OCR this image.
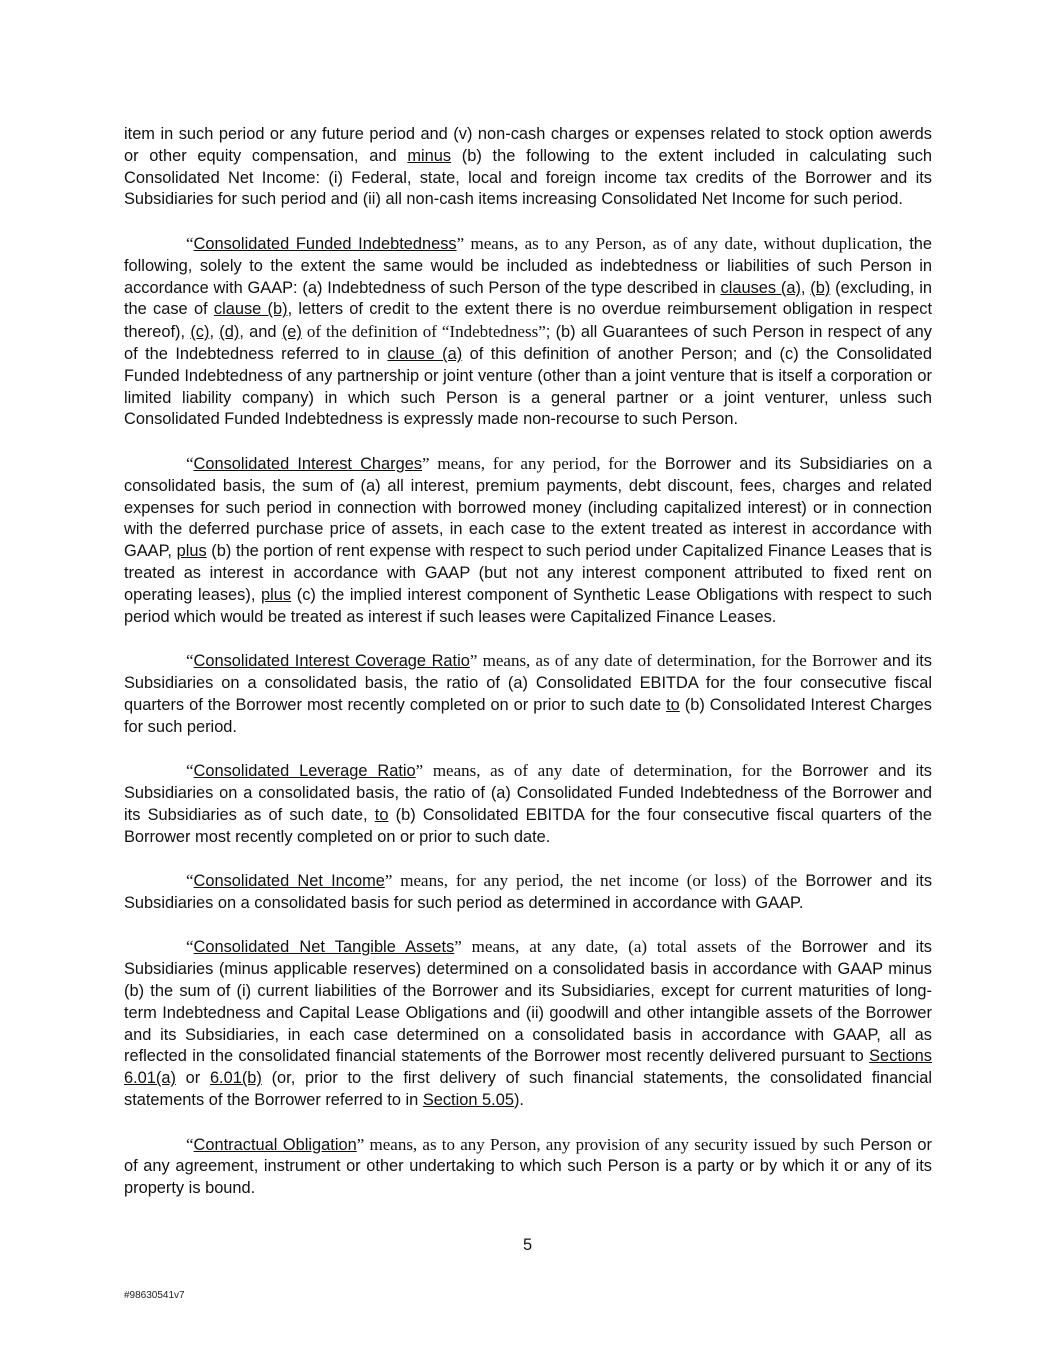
item in such period or any future period and (v) non-cash charges or expenses related to stock option awerds or other equity compensation, and minus (b) the following to the extent included in calculating such Consolidated Net Income: (i) Federal, state, local and foreign income tax credits of the Borrower and its Subsidiaries for such period and (ii) all non-cash items increasing Consolidated Net Income for such period.

“Consolidated Funded Indebtedness” means, as to any Person, as of any date, without duplication, the following, solely to the extent the same would be included as indebtedness or liabilities of such Person in accordance with GAAP: (a) Indebtedness of such Person of the type described in clauses (a), (b) (excluding, in the case of clause (b), letters of credit to the extent there is no overdue reimbursement obligation in respect thereof), (c), (d), and (e) of the definition of “Indebtedness”; (b) all Guarantees of such Person in respect of any of the Indebtedness referred to in clause (a) of this definition of another Person; and (c) the Consolidated Funded Indebtedness of any partnership or joint venture (other than a joint venture that is itself a corporation or limited liability company) in which such Person is a general partner or a joint venturer, unless such Consolidated Funded Indebtedness is expressly made non-recourse to such Person.

“Consolidated Interest Charges” means, for any period, for the Borrower and its Subsidiaries on a consolidated basis, the sum of (a) all interest, premium payments, debt discount, fees, charges and related expenses for such period in connection with borrowed money (including capitalized interest) or in connection with the deferred purchase price of assets, in each case to the extent treated as interest in accordance with GAAP, plus (b) the portion of rent expense with respect to such period under Capitalized Finance Leases that is treated as interest in accordance with GAAP (but not any interest component attributed to fixed rent on operating leases), plus (c) the implied interest component of Synthetic Lease Obligations with respect to such period which would be treated as interest if such leases were Capitalized Finance Leases.

“Consolidated Interest Coverage Ratio” means, as of any date of determination, for the Borrower and its Subsidiaries on a consolidated basis, the ratio of (a) Consolidated EBITDA for the four consecutive fiscal quarters of the Borrower most recently completed on or prior to such date to (b) Consolidated Interest Charges for such period.

“Consolidated Leverage Ratio” means, as of any date of determination, for the Borrower and its Subsidiaries on a consolidated basis, the ratio of (a) Consolidated Funded Indebtedness of the Borrower and its Subsidiaries as of such date, to (b) Consolidated EBITDA for the four consecutive fiscal quarters of the Borrower most recently completed on or prior to such date.

“Consolidated Net Income” means, for any period, the net income (or loss) of the Borrower and its Subsidiaries on a consolidated basis for such period as determined in accordance with GAAP.

“Consolidated Net Tangible Assets” means, at any date, (a) total assets of the Borrower and its Subsidiaries (minus applicable reserves) determined on a consolidated basis in accordance with GAAP minus (b) the sum of (i) current liabilities of the Borrower and its Subsidiaries, except for current maturities of long-term Indebtedness and Capital Lease Obligations and (ii) goodwill and other intangible assets of the Borrower and its Subsidiaries, in each case determined on a consolidated basis in accordance with GAAP, all as reflected in the consolidated financial statements of the Borrower most recently delivered pursuant to Sections 6.01(a) or 6.01(b) (or, prior to the first delivery of such financial statements, the consolidated financial statements of the Borrower referred to in Section 5.05).

“Contractual Obligation” means, as to any Person, any provision of any security issued by such Person or of any agreement, instrument or other undertaking to which such Person is a party or by which it or any of its property is bound.

5
#98630541v7
